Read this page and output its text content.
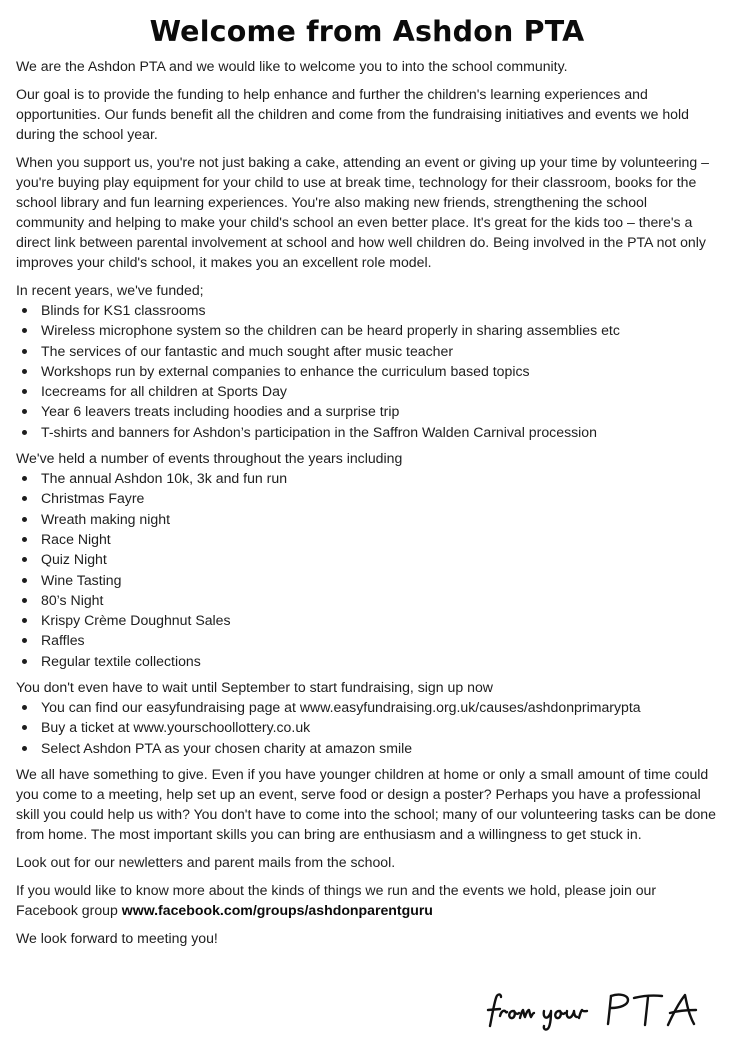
Welcome from Ashdon PTA

We are the Ashdon PTA and we would like to welcome you to into the school community.

Our goal is to provide the funding to help enhance and further the children's learning experiences and opportunities. Our funds benefit all the children and come from the fundraising initiatives and events we hold during the school year.

When you support us, you're not just baking a cake, attending an event or giving up your time by volunteering – you're buying play equipment for your child to use at break time, technology for their classroom, books for the school library and fun learning experiences. You're also making new friends, strengthening the school community and helping to make your child's school an even better place. It's great for the kids too – there's a direct link between parental involvement at school and how well children do. Being involved in the PTA not only improves your child's school, it makes you an excellent role model.

In recent years, we've funded;

Blinds for KS1 classrooms
Wireless microphone system so the children can be heard properly in sharing assemblies etc
The services of our fantastic and much sought after music teacher
Workshops run by external companies to enhance the curriculum based topics
Icecreams for all children at Sports Day
Year 6 leavers treats including hoodies and a surprise trip
T-shirts and banners for Ashdon’s participation in the Saffron Walden Carnival procession

We've held a number of events throughout the years including

The annual Ashdon 10k, 3k and fun run
Christmas Fayre
Wreath making night
Race Night
Quiz Night
Wine Tasting
80’s Night
Krispy Crème Doughnut Sales
Raffles
Regular textile collections

You don't even have to wait until September to start fundraising, sign up now

You can find our easyfundraising page at www.easyfundraising.org.uk/causes/ashdonprimarypta
Buy a ticket at www.yourschoollottery.co.uk
Select Ashdon PTA as your chosen charity at amazon smile

We all have something to give. Even if you have younger children at home or only a small amount of time could you come to a meeting, help set up an event, serve food or design a poster? Perhaps you have a professional skill you could help us with? You don't have to come into the school; many of our volunteering tasks can be done from home. The most important skills you can bring are enthusiasm and a willingness to get stuck in.

Look out for our newletters and parent mails from the school.

If you would like to know more about the kinds of things we run and the events we hold, please join our Facebook group www.facebook.com/groups/ashdonparentguru

We look forward to meeting you!
